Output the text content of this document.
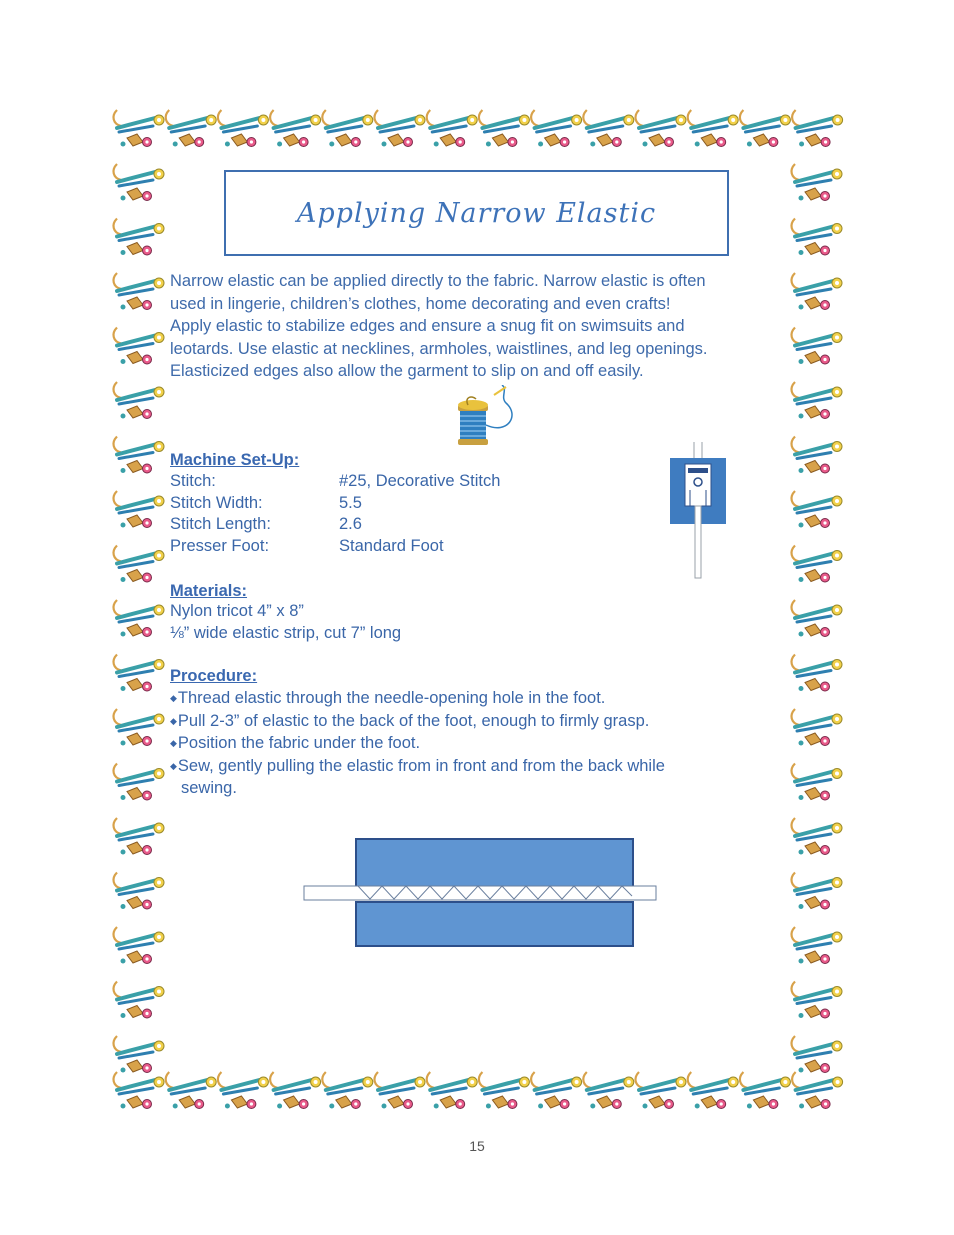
Applying Narrow Elastic

Narrow elastic can be applied directly to the fabric. Narrow elastic is often

used in lingerie, children’s clothes, home decorating and even crafts!

Apply elastic to stabilize edges and ensure a snug fit on swimsuits and

leotards. Use elastic at necklines, armholes, waistlines, and leg openings.

Elasticized edges also allow the garment to slip on and off easily.

Machine Set-Up:

Stitch:	#25, Decorative Stitch
Stitch Width:	5.5
Stitch Length:	2.6
Presser Foot:	Standard Foot

Materials:

Nylon tricot 4” x 8”
⅛” wide elastic strip, cut 7” long

Procedure:

◆Thread elastic through the needle-opening hole in the foot.
◆Pull 2-3” of elastic to the back of the foot, enough to firmly grasp.
◆Position the fabric under the foot.
◆Sew, gently pulling the elastic from in front and from the back while
sewing.
15
